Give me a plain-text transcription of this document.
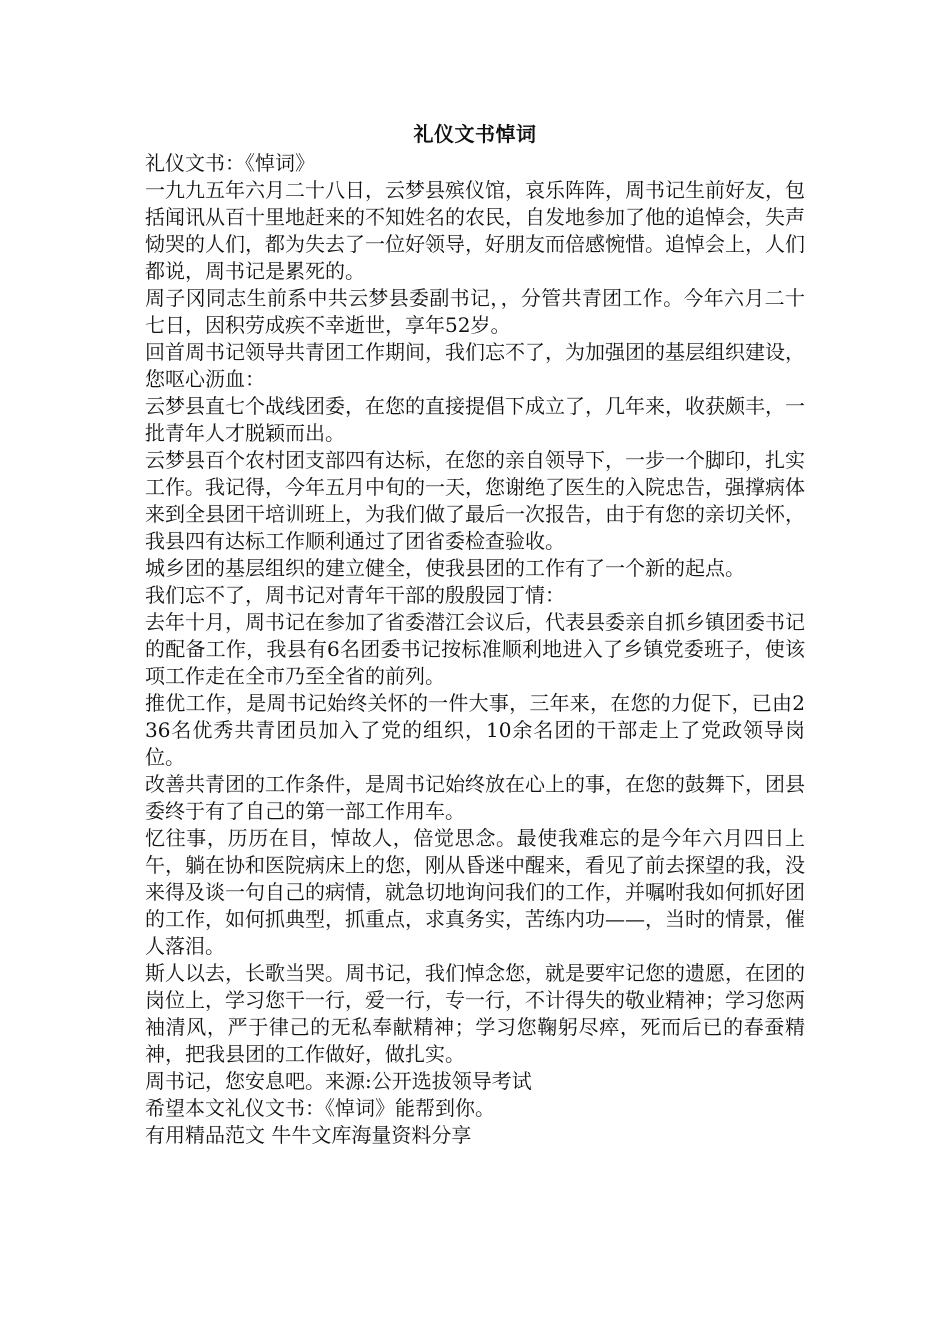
礼仪文书悼词

礼仪文书：《悼词》

一九九五年六月二十八日，云梦县殡仪馆，哀乐阵阵，周书记生前好友，包括闻讯从百十里地赶来的不知姓名的农民，自发地参加了他的追悼会，失声恸哭的人们，都为失去了一位好领导，好朋友而倍感惋惜。追悼会上，人们都说，周书记是累死的。

周子冈同志生前系中共云梦县委副书记，，分管共青团工作。今年六月二十七日，因积劳成疾不幸逝世，享年52岁。

回首周书记领导共青团工作期间，我们忘不了，为加强团的基层组织建设，您呕心沥血：

云梦县直七个战线团委，在您的直接提倡下成立了，几年来，收获颇丰，一批青年人才脱颖而出。

云梦县百个农村团支部四有达标，在您的亲自领导下，一步一个脚印，扎实工作。我记得，今年五月中旬的一天，您谢绝了医生的入院忠告，强撑病体来到全县团干培训班上，为我们做了最后一次报告，由于有您的亲切关怀，我县四有达标工作顺利通过了团省委检查验收。

城乡团的基层组织的建立健全，使我县团的工作有了一个新的起点。

我们忘不了，周书记对青年干部的殷殷园丁情：

去年十月，周书记在参加了省委潜江会议后，代表县委亲自抓乡镇团委书记的配备工作，我县有6名团委书记按标准顺利地进入了乡镇党委班子，使该项工作走在全市乃至全省的前列。

推优工作，是周书记始终关怀的一件大事，三年来，在您的力促下，已由236名优秀共青团员加入了党的组织，10余名团的干部走上了党政领导岗位。

改善共青团的工作条件，是周书记始终放在心上的事，在您的鼓舞下，团县委终于有了自己的第一部工作用车。

忆往事，历历在目，悼故人，倍觉思念。最使我难忘的是今年六月四日上午，躺在协和医院病床上的您，刚从昏迷中醒来，看见了前去探望的我，没来得及谈一句自己的病情，就急切地询问我们的工作，并嘱咐我如何抓好团的工作，如何抓典型，抓重点，求真务实，苦练内功——，当时的情景，催人落泪。

斯人以去，长歌当哭。周书记，我们悼念您，就是要牢记您的遗愿，在团的岗位上，学习您干一行，爱一行，专一行，不计得失的敬业精神；学习您两袖清风，严于律己的无私奉献精神；学习您鞠躬尽瘁，死而后已的春蚕精神，把我县团的工作做好，做扎实。

周书记，您安息吧。来源:公开选拔领导考试

希望本文礼仪文书：《悼词》能帮到你。

有用精品范文 牛牛文库海量资料分享
